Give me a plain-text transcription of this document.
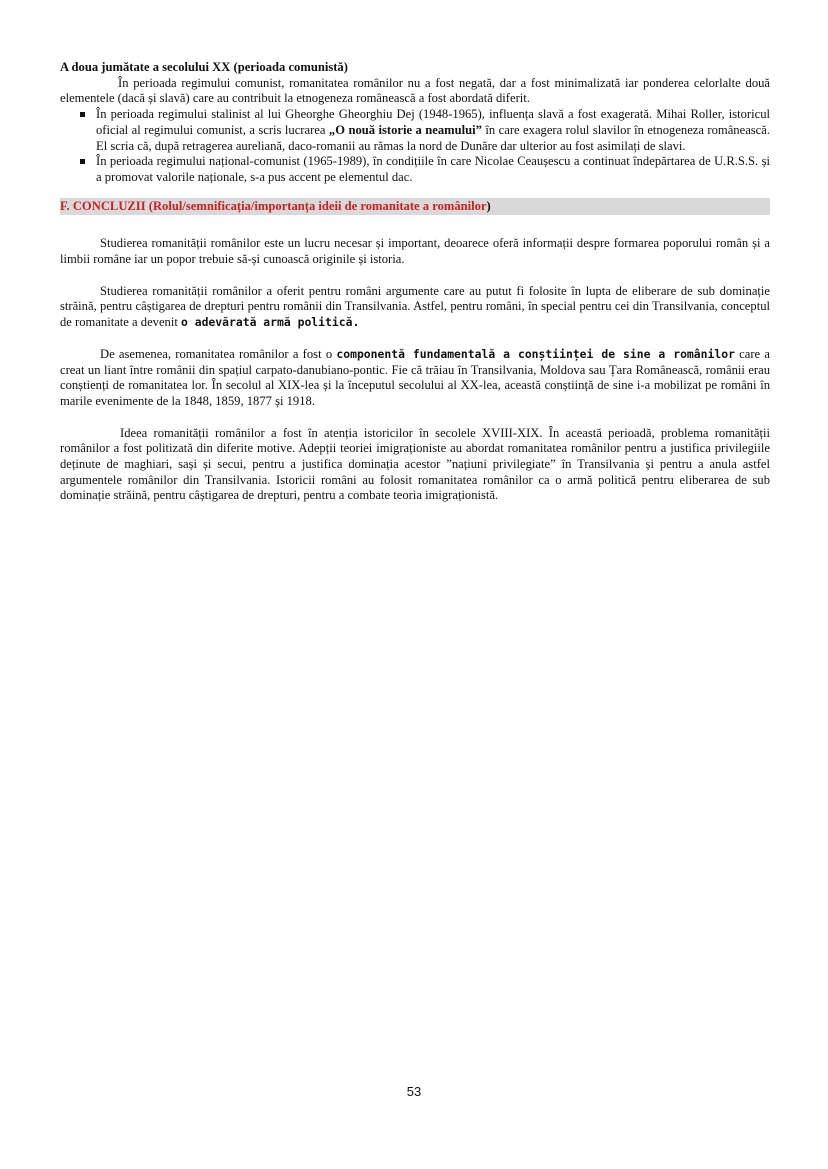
A doua jumătate a secolului XX (perioada comunistă)

În perioada regimului comunist, romanitatea românilor nu a fost negată, dar a fost minimalizată iar ponderea celorlalte două elementele (dacă și slavă) care au contribuit la etnogeneza românească a fost abordată diferit.

În perioada regimului stalinist al lui Gheorghe Gheorghiu Dej (1948-1965), influența slavă a fost exagerată. Mihai Roller, istoricul oficial al regimului comunist, a scris lucrarea „O nouă istorie a neamului” în care exagera rolul slavilor în etnogeneza românească. El scria că, după retragerea aureliană, daco-romanii au rămas la nord de Dunăre dar ulterior au fost asimilați de slavi.
În perioada regimului național-comunist (1965-1989), în condițiile în care Nicolae Ceaușescu a continuat îndepărtarea de U.R.S.S. și a promovat valorile naționale, s-a pus accent pe elementul dac.
F. CONCLUZII (Rolul/semnificația/importanța ideii de romanitate a românilor)

Studierea romanității românilor este un lucru necesar și important, deoarece oferă informații despre formarea poporului român și a limbii române iar un popor trebuie să-și cunoască originile și istoria.

Studierea romanității românilor a oferit pentru români argumente care au putut fi folosite în lupta de eliberare de sub dominație străină, pentru câștigarea de drepturi pentru românii din Transilvania. Astfel, pentru români, în special pentru cei din Transilvania, conceptul de romanitate a devenit o adevărată armă politică.

De asemenea, romanitatea românilor a fost o componentă fundamentală a conștiinței de sine a românilor care a creat un liant între românii din spațiul carpato-danubiano-pontic. Fie că trăiau în Transilvania, Moldova sau Țara Românească, românii erau conștienți de romanitatea lor. În secolul al XIX-lea și la începutul secolului al XX-lea, această conștiință de sine i-a mobilizat pe români în marile evenimente de la 1848, 1859, 1877 și 1918.

Ideea romanității românilor a fost în atenția istoricilor în secolele XVIII-XIX. În această perioadă, problema romanității românilor a fost politizată din diferite motive. Adepții teoriei imigraționiste au abordat romanitatea românilor pentru a justifica privilegiile deținute de maghiari, sași și secui, pentru a justifica dominația acestor ”națiuni privilegiate” în Transilvania și pentru a anula astfel argumentele românilor din Transilvania. Istoricii români au folosit romanitatea românilor ca o armă politică pentru eliberarea de sub dominație străină, pentru câștigarea de drepturi, pentru a combate teoria imigraționistă.

53
